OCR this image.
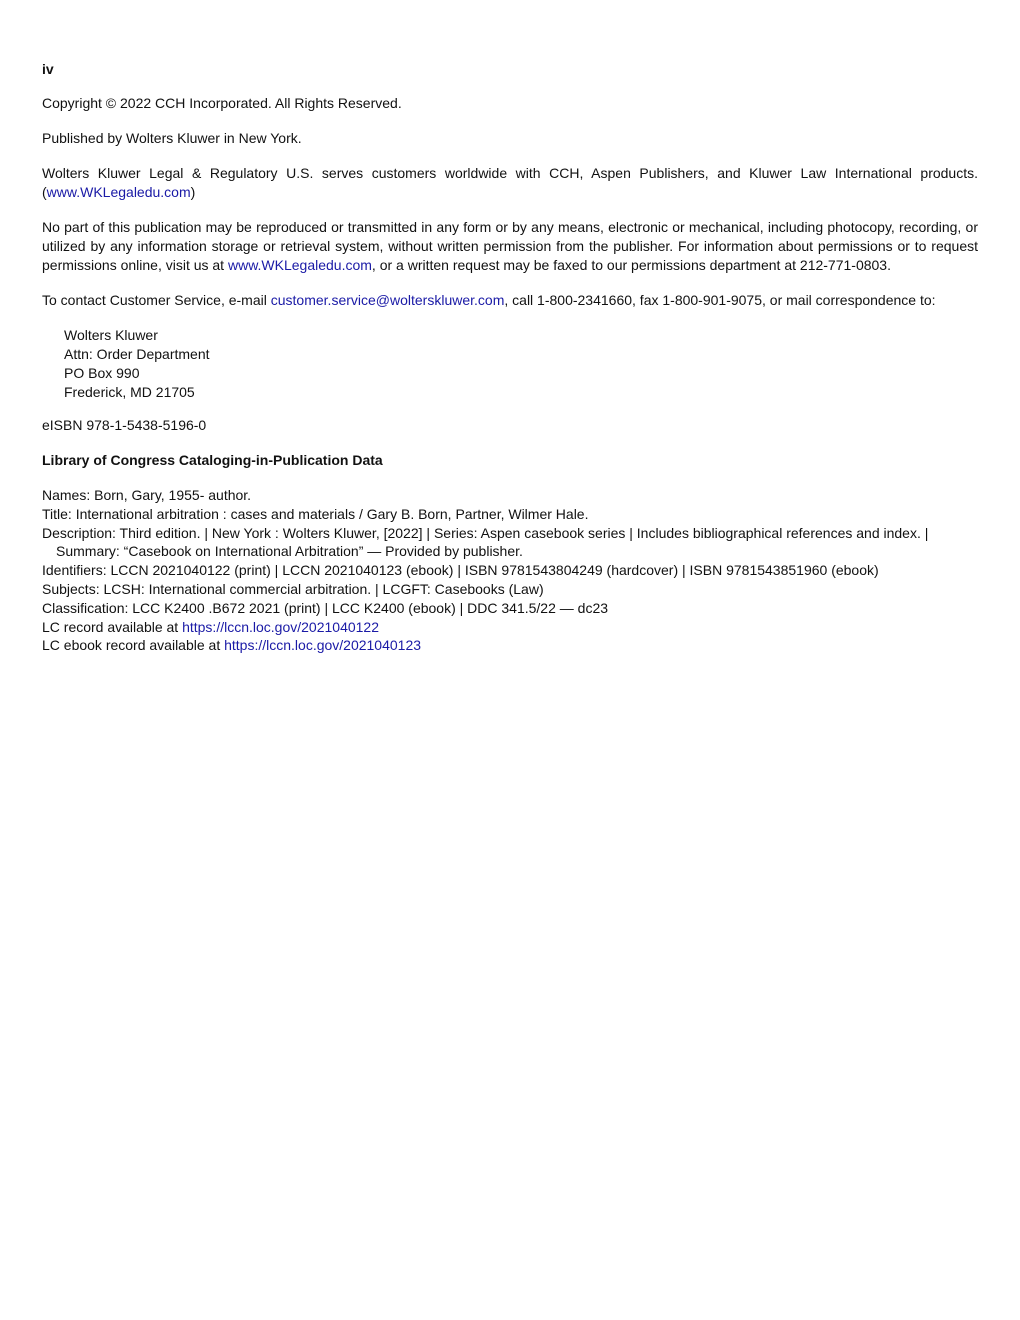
iv
Copyright © 2022 CCH Incorporated. All Rights Reserved.
Published by Wolters Kluwer in New York.
Wolters Kluwer Legal & Regulatory U.S. serves customers worldwide with CCH, Aspen Publishers, and Kluwer Law International products. (www.WKLegaledu.com)
No part of this publication may be reproduced or transmitted in any form or by any means, electronic or mechanical, including photocopy, recording, or utilized by any information storage or retrieval system, without written permission from the publisher. For information about permissions or to request permissions online, visit us at www.WKLegaledu.com, or a written request may be faxed to our permissions department at 212-771-0803.
To contact Customer Service, e-mail customer.service@wolterskluwer.com, call 1-800-2341660, fax 1-800-901-9075, or mail correspondence to:
Wolters Kluwer
Attn: Order Department
PO Box 990
Frederick, MD 21705
eISBN 978-1-5438-5196-0
Library of Congress Cataloging-in-Publication Data
Names: Born, Gary, 1955- author.
Title: International arbitration : cases and materials / Gary B. Born, Partner, Wilmer Hale.
Description: Third edition. | New York : Wolters Kluwer, [2022] | Series: Aspen casebook series | Includes bibliographical references and index. | Summary: “Casebook on International Arbitration” — Provided by publisher.
Identifiers: LCCN 2021040122 (print) | LCCN 2021040123 (ebook) | ISBN 9781543804249 (hardcover) | ISBN 9781543851960 (ebook)
Subjects: LCSH: International commercial arbitration. | LCGFT: Casebooks (Law)
Classification: LCC K2400 .B672 2021 (print) | LCC K2400 (ebook) | DDC 341.5/22 — dc23
LC record available at https://lccn.loc.gov/2021040122
LC ebook record available at https://lccn.loc.gov/2021040123
